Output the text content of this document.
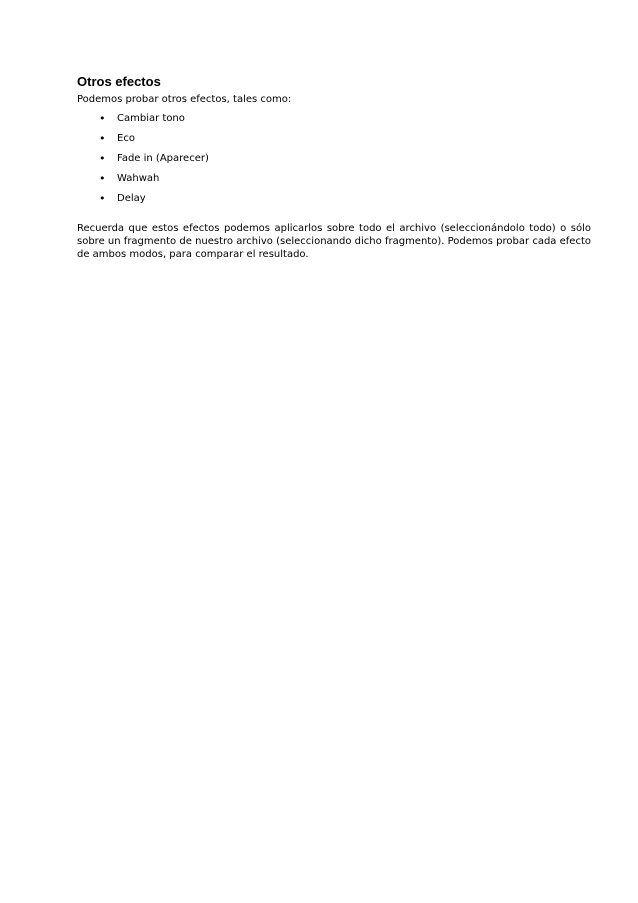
Otros efectos

Podemos probar otros efectos, tales como:

• Cambiar tono
• Eco
• Fade in (Aparecer)
• Wahwah
• Delay

Recuerda que estos efectos podemos aplicarlos sobre todo el archivo (seleccionándolo todo) o sólo sobre un fragmento de nuestro archivo (seleccionando dicho fragmento). Podemos probar cada efecto de ambos modos, para comparar el resultado.
